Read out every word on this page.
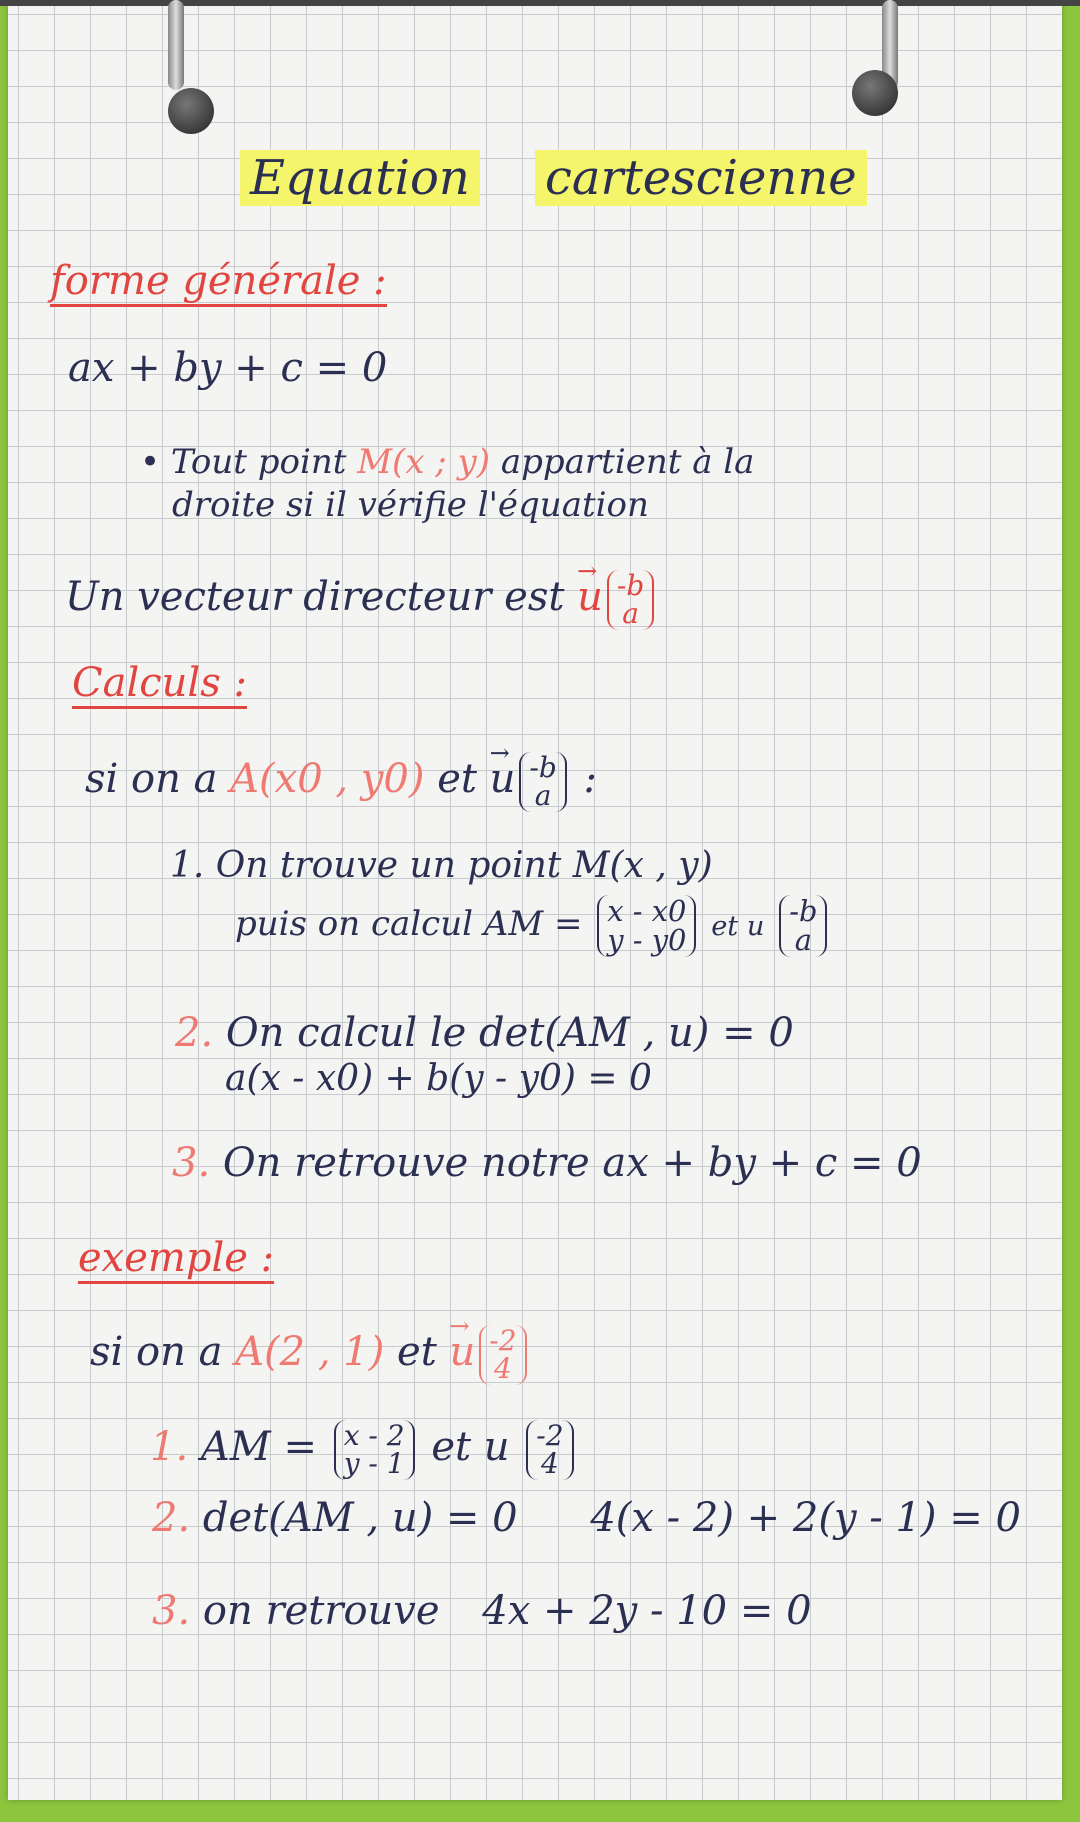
Equation cartescienne
forme générale :
ax + by + c = 0
• Tout point M(x ; y) appartient à la
droite si il vérifie l'équation
Un vecteur directeur est → u -b
a
Calculs :
si on a A(x0 , y0) et → u -b
a :
1. On trouve un point M(x , y)
puis on calcul AM = x - x0
y - y0 et u -b
a
2. On calcul le det(AM , u) = 0
a(x - x0) + b(y - y0) = 0
3. On retrouve notre ax + by + c = 0
exemple :
si on a A(2 , 1) et → u -2
4
1. AM = x - 2
y - 1 et u -2
4
2. det(AM , u) = 0 4(x - 2) + 2(y - 1) = 0
3. on retrouve 4x + 2y - 10 = 0
